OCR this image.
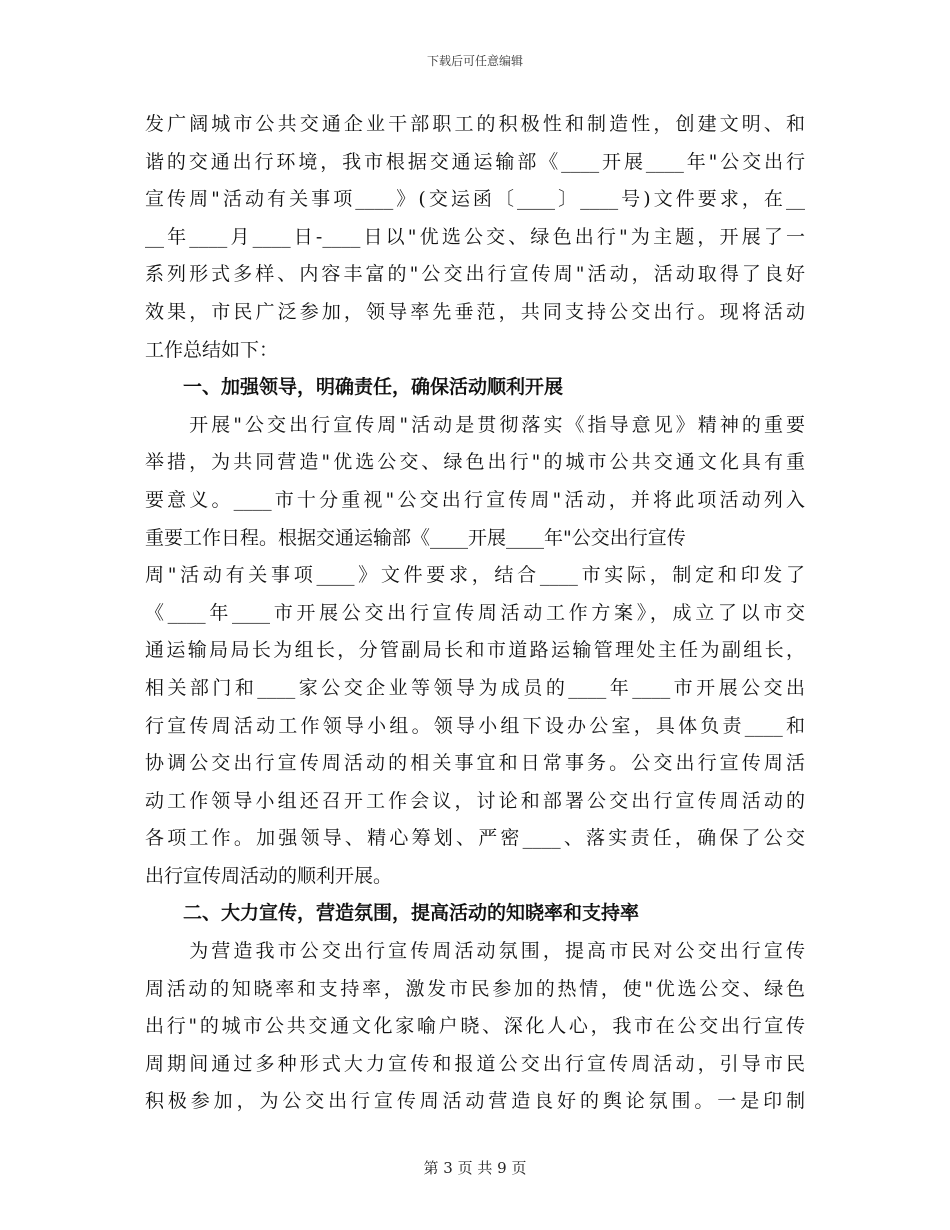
下载后可任意编辑
发广阔城市公共交通企业干部职工的积极性和制造性，创建文明、和
谐的交通出行环境，我市根据交通运输部《____开展____年"公交出行
宣传周"活动有关事项____》(交运函〔____〕____号)文件要求，在__
__年____月____日-____日以"优选公交、绿色出行"为主题，开展了一
系列形式多样、内容丰富的"公交出行宣传周"活动，活动取得了良好
效果，市民广泛参加，领导率先垂范，共同支持公交出行。现将活动
工作总结如下：
一、加强领导，明确责任，确保活动顺利开展
　　开展"公交出行宣传周"活动是贯彻落实《指导意见》精神的重要
举措，为共同营造"优选公交、绿色出行"的城市公共交通文化具有重
要意义。____市十分重视"公交出行宣传周"活动，并将此项活动列入
重要工作日程。根据交通运输部《____开展____年"公交出行宣传
周"活动有关事项____》文件要求，结合____市实际，制定和印发了
《____年____市开展公交出行宣传周活动工作方案》，成立了以市交
通运输局局长为组长，分管副局长和市道路运输管理处主任为副组长，
相关部门和____家公交企业等领导为成员的____年____市开展公交出
行宣传周活动工作领导小组。领导小组下设办公室，具体负责____和
协调公交出行宣传周活动的相关事宜和日常事务。公交出行宣传周活
动工作领导小组还召开工作会议，讨论和部署公交出行宣传周活动的
各项工作。加强领导、精心筹划、严密____、落实责任，确保了公交
出行宣传周活动的顺利开展。
二、大力宣传，营造氛围，提高活动的知晓率和支持率
　　为营造我市公交出行宣传周活动氛围，提高市民对公交出行宣传
周活动的知晓率和支持率，激发市民参加的热情，使"优选公交、绿色
出行"的城市公共交通文化家喻户晓、深化人心，我市在公交出行宣传
周期间通过多种形式大力宣传和报道公交出行宣传周活动，引导市民
积极参加，为公交出行宣传周活动营造良好的舆论氛围。一是印制
第 3 页 共 9 页
